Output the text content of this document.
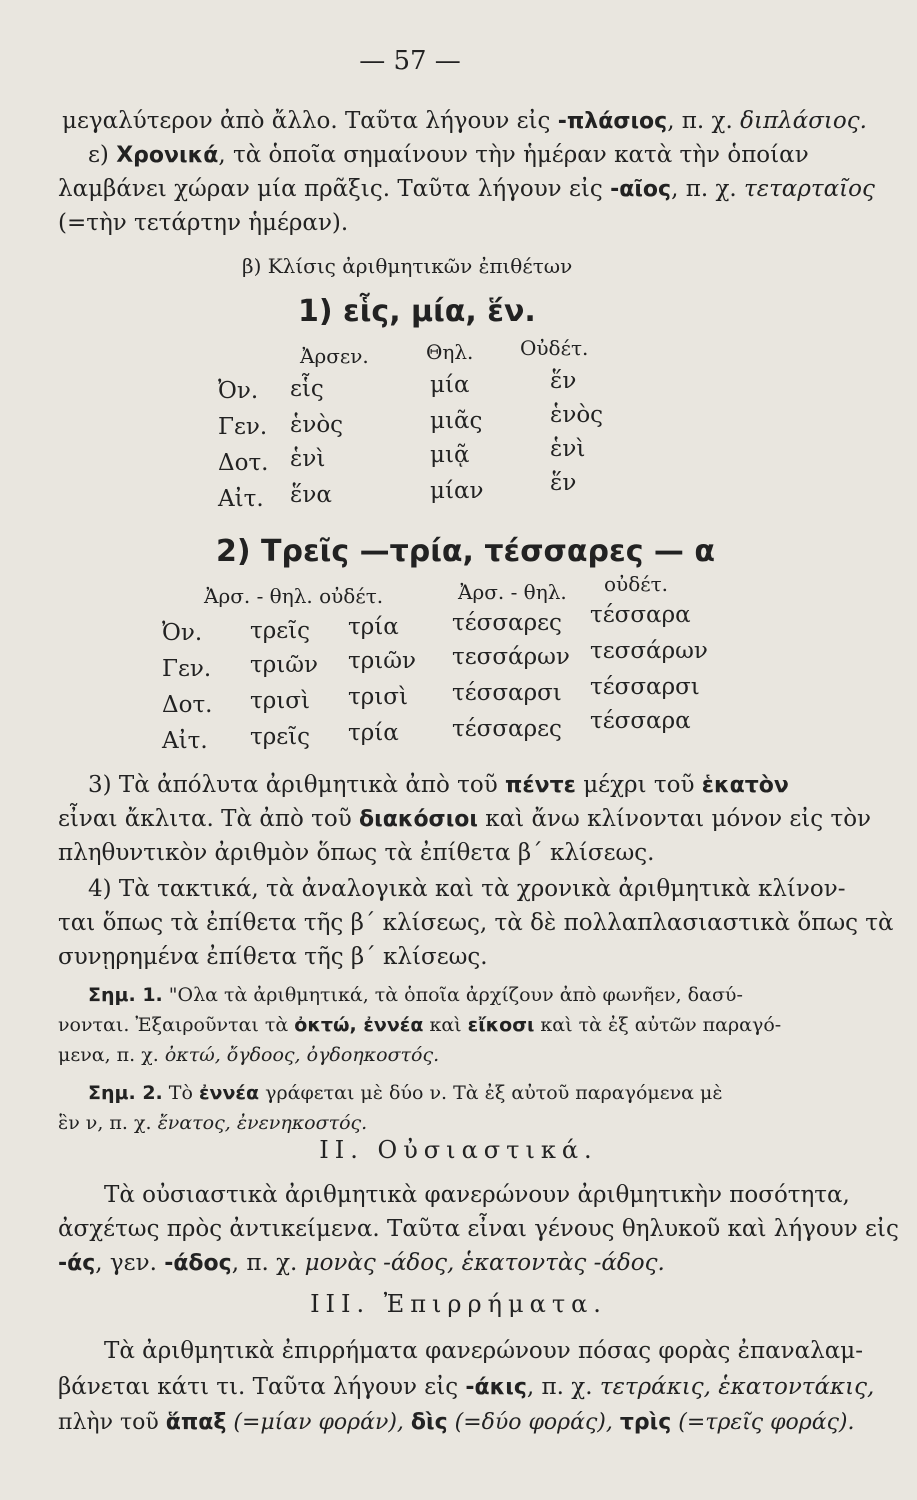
— 57 —
μεγαλύτερον ἀπὸ ἄλλο. Ταῦτα λήγουν εἰς -πλάσιος, π. χ. διπλάσιος.
ε) Χρονικά, τὰ ὁποῖα σημαίνουν τὴν ἡμέραν κατὰ τὴν ὁποίαν
λαμβάνει χώραν μία πρᾶξις. Ταῦτα λήγουν εἰς -αῖος, π. χ. τεταρταῖος
(=τὴν τετάρτην ἡμέραν).
β) Κλίσις ἀριθμητικῶν ἐπιθέτων
1) εἷς, μία, ἕν.
Ἀρσεν.	Θηλ. Οὐδέτ.
Ὀν. εἷς	μία	ἕν
Γεν. ἑνὸς	μιᾶς	ἑνὸς
Δοτ. ἑνὶ	μιᾷ	ἑνὶ
Αἰτ. ἕνα	μίαν	ἕν
2) Τρεῖς —τρία, τέσσαρες — α
Ἀρσ. - θηλ. οὐδέτ.	Ἀρσ. - θηλ. οὐδέτ.
Ὀν. τρεῖς τρία τέσσαρες τέσσαρα
Γεν. τριῶν τριῶν τεσσάρων τεσσάρων
Δοτ. τρισὶ τρισὶ τέσσαρσι τέσσαρσι
Αἰτ. τρεῖς τρία τέσσαρες τέσσαρα
3) Τὰ ἀπόλυτα ἀριθμητικὰ ἀπὸ τοῦ πέντε μέχρι τοῦ ἑκατὸν
εἶναι ἄκλιτα. Τὰ ἀπὸ τοῦ διακόσιοι καὶ ἄνω κλίνονται μόνον εἰς τὸν
πληθυντικὸν ἀριθμὸν ὅπως τὰ ἐπίθετα β΄ κλίσεως.
4) Τὰ τακτικά, τὰ ἀναλογικὰ καὶ τὰ χρονικὰ ἀριθμητικὰ κλίνον-
ται ὅπως τὰ ἐπίθετα τῆς β΄ κλίσεως, τὰ δὲ πολλαπλασιαστικὰ ὅπως τὰ
συνῃρημένα ἐπίθετα τῆς β΄ κλίσεως.
Σημ. 1. "Ολα τὰ ἀριθμητικά, τὰ ὁποῖα ἀρχίζουν ἀπὸ φωνῆεν, δασύ-
νονται. Ἐξαιροῦνται τὰ ὀκτώ, ἐννέα καὶ εἴκοσι καὶ τὰ ἐξ αὐτῶν παραγό-
μενα, π. χ. ὀκτώ, ὄγδοος, ὀγδοηκοστός.
Σημ. 2. Τὸ ἐννέα γράφεται μὲ δύο ν. Τὰ ἐξ αὐτοῦ παραγόμενα μὲ
ἓν ν, π. χ. ἔνατος, ἐνενηκοστός.
ΙΙ. Οὐσιαστικά.
Τὰ οὐσιαστικὰ ἀριθμητικὰ φανερώνουν ἀριθμητικὴν ποσότητα,
ἀσχέτως πρὸς ἀντικείμενα. Ταῦτα εἶναι γένους θηλυκοῦ καὶ λήγουν εἰς
-άς, γεν. -άδος, π. χ. μονὰς -άδος, ἑκατοντὰς -άδος.
ΙΙΙ. Ἐπιρρήματα.
Τὰ ἀριθμητικὰ ἐπιρρήματα φανερώνουν πόσας φορὰς ἐπαναλαμ-
βάνεται κάτι τι. Ταῦτα λήγουν εἰς -άκις, π. χ. τετράκις, ἑκατοντάκις,
πλὴν τοῦ ἅπαξ (=μίαν φοράν), δὶς (=δύο φοράς), τρὶς (=τρεῖς φοράς).
